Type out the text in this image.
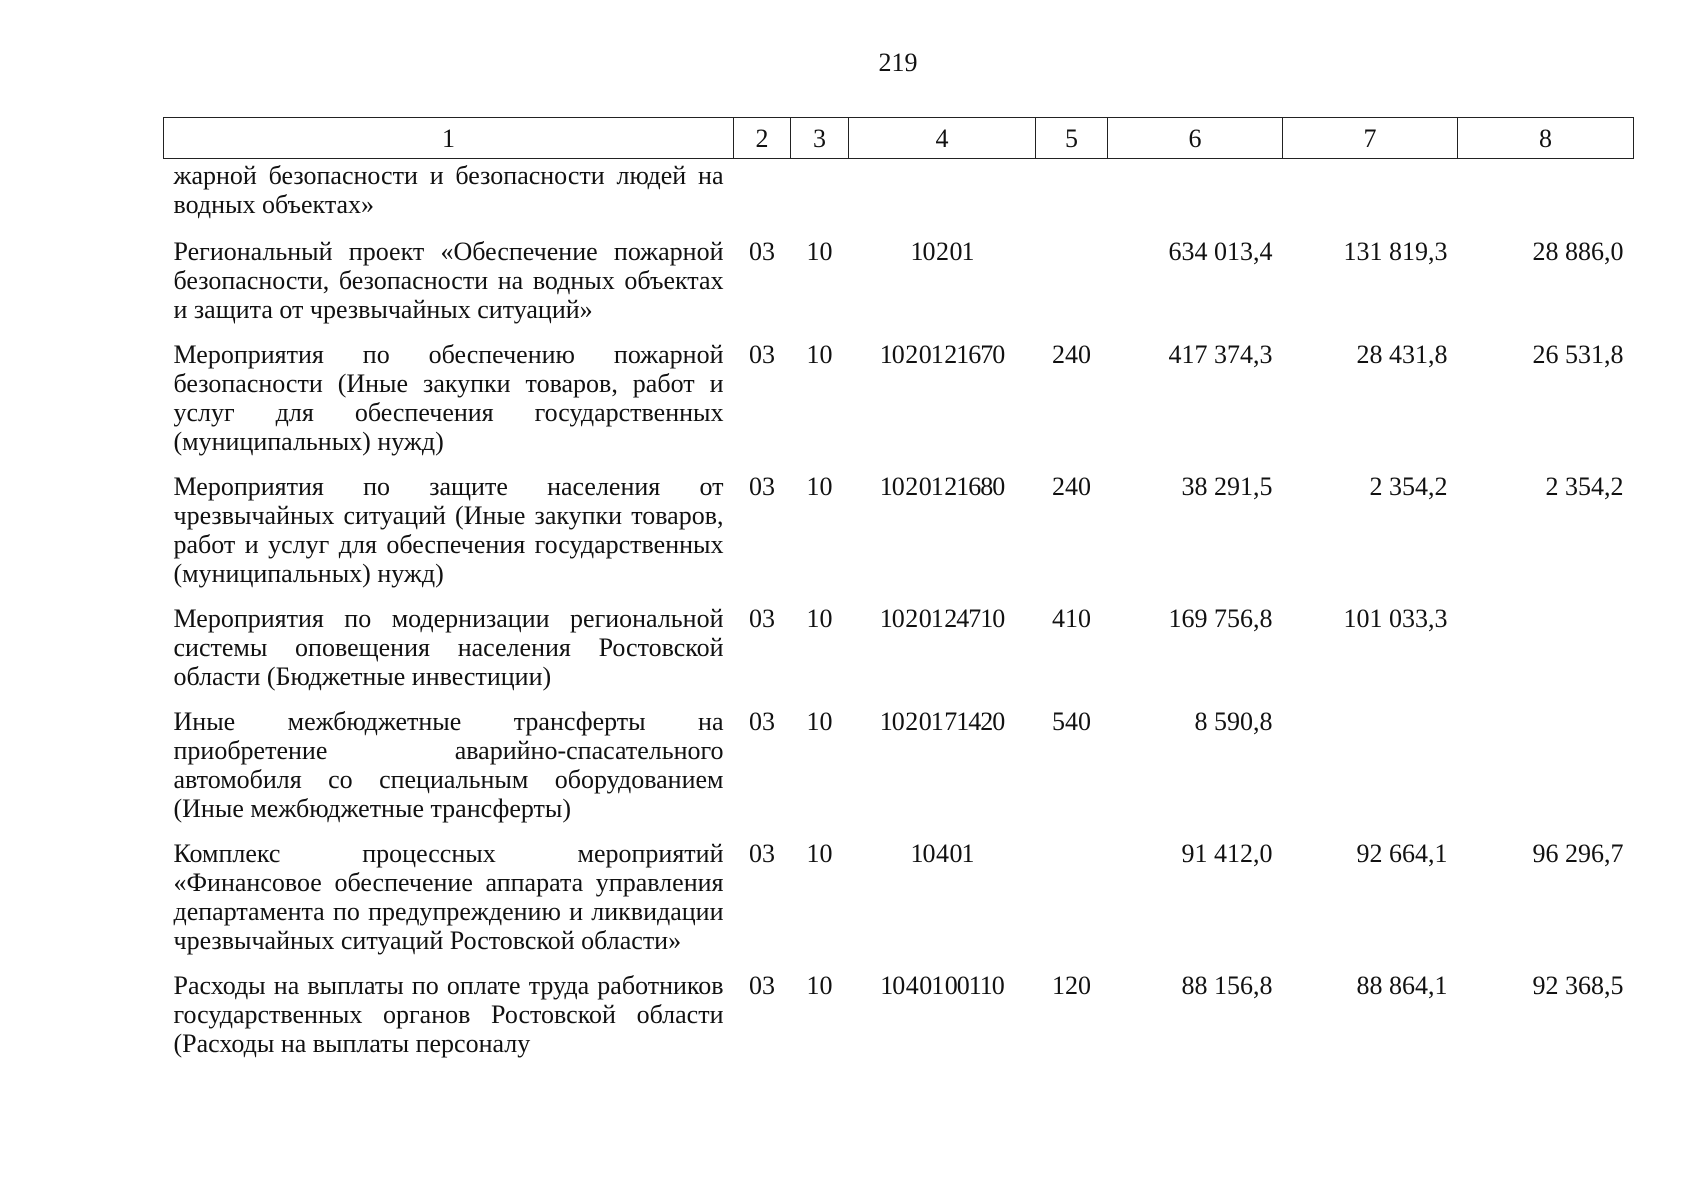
219
1	2	3	4	5	6	7	8
жарной безопасности и безопасности людей на водных объектах»							
Региональный проект «Обеспечение пожарной безопасности, безопасности на водных объектах и защита от чрезвычайных ситуаций»	03	10	10 2 01		634 013,4	131 819,3	28 886,0
Мероприятия по обеспечению пожарной безопасности (Иные закупки товаров, работ и услуг для обеспечения государственных (муниципальных) нужд)	03	10	10 2 01 21670	240	417 374,3	28 431,8	26 531,8
Мероприятия по защите населения от чрезвычайных ситуаций (Иные закупки товаров, работ и услуг для обеспечения государственных (муниципальных) нужд)	03	10	10 2 01 21680	240	38 291,5	2 354,2	2 354,2
Мероприятия по модернизации региональной системы оповещения населения Ростовской области (Бюджетные инвестиции)	03	10	10 2 01 24710	410	169 756,8	101 033,3	
Иные межбюджетные трансферты на приобретение аварийно-спасательного автомобиля со специальным оборудованием (Иные межбюджетные трансферты)	03	10	10 2 01 71420	540	8 590,8		
Комплекс процессных мероприятий «Финансовое обеспечение аппарата управления департамента по предупреждению и ликвидации чрезвычайных ситуаций Ростовской области»	03	10	10 4 01		91 412,0	92 664,1	96 296,7
Расходы на выплаты по оплате труда работников государственных органов Ростовской области (Расходы на выплаты персоналу	03	10	10 4 01 00110	120	88 156,8	88 864,1	92 368,5
